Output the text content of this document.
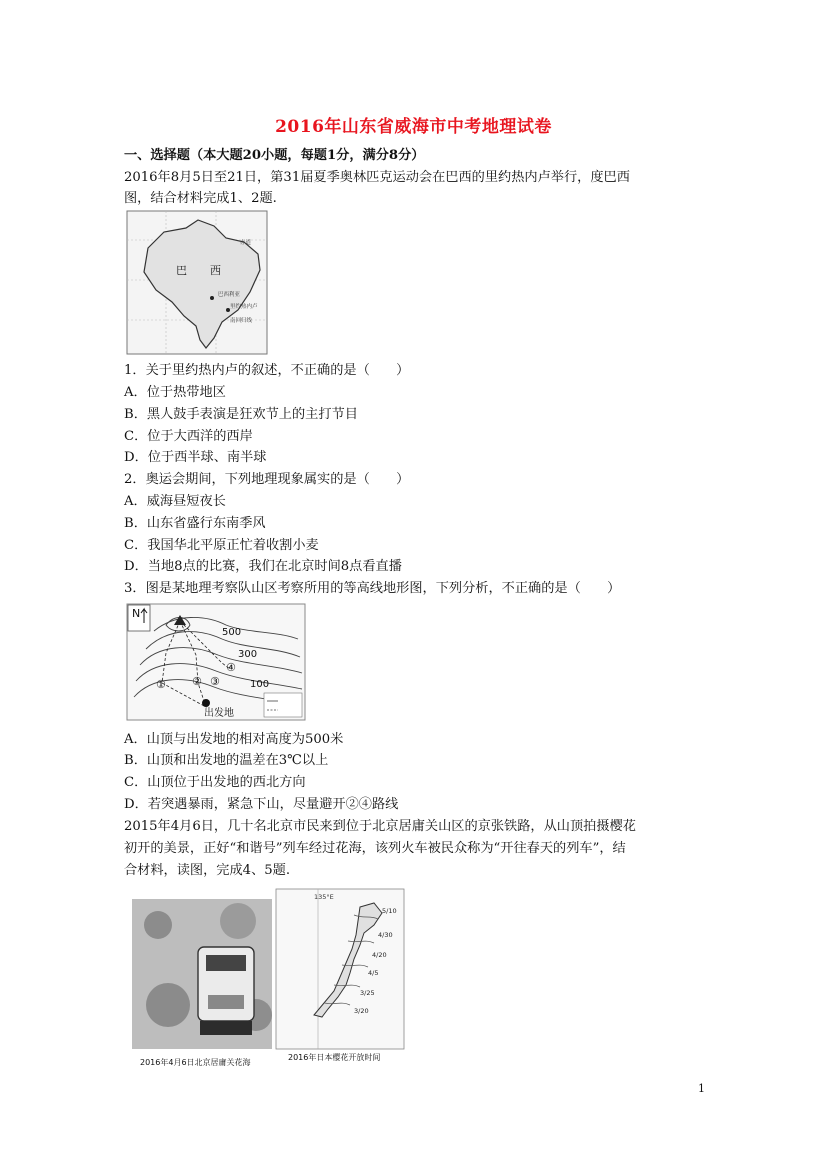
2016年山东省威海市中考地理试卷
一、选择题（本大题20小题，每题1分，满分8分）
2016年8月5日至21日，第31届夏季奥林匹克运动会在巴西的里约热内卢举行，度巴西
图，结合材料完成1、2题.
巴 西
赤道
巴西利亚
里约热内卢
南回归线
1．关于里约热内卢的叙述，不正确的是（　　）
A．位于热带地区
B．黑人鼓手表演是狂欢节上的主打节目
C．位于大西洋的西岸
D．位于西半球、南半球
2．奥运会期间，下列地理现象属实的是（　　）
A．威海昼短夜长
B．山东省盛行东南季风
C．我国华北平原正忙着收割小麦
D．当地8点的比赛，我们在北京时间8点看直播
3．图是某地理考察队山区考察所用的等高线地形图，下列分析，不正确的是（　　）
N
500
300
100
① ② ③
④
出发地
A．山顶与出发地的相对高度为500米
B．山顶和出发地的温差在3℃以上
C．山顶位于出发地的西北方向
D．若突遇暴雨，紧急下山，尽量避开②④路线
2015年4月6日，几十名北京市民来到位于北京居庸关山区的京张铁路，从山顶拍摄樱花
初开的美景，正好“和谐号”列车经过花海，该列火车被民众称为“开往春天的列车”，结
合材料，读图，完成4、5题.
135°E
5/10
4/30
4/20
4/5
3/25
3/20
2016年4月6日北京居庸关花海
2016年日本樱花开放时间
1
